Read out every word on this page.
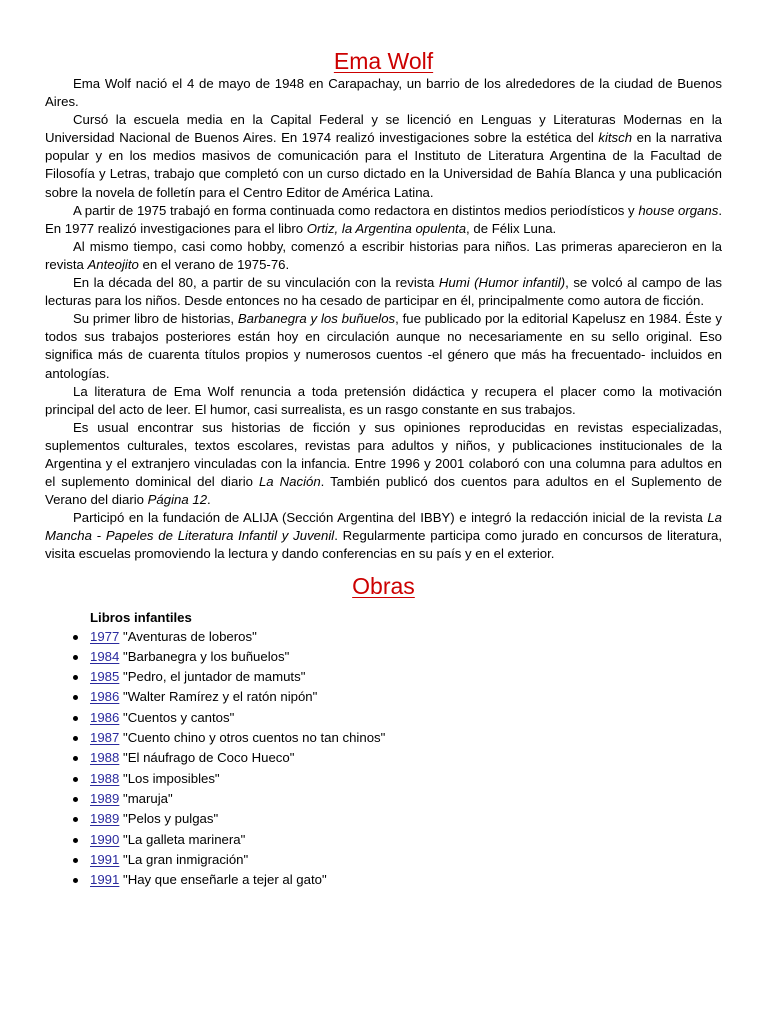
Ema Wolf

Ema Wolf nació el 4 de mayo de 1948 en Carapachay, un barrio de los alrededores de la ciudad de Buenos Aires.

Cursó la escuela media en la Capital Federal y se licenció en Lenguas y Literaturas Modernas en la Universidad Nacional de Buenos Aires. En 1974 realizó investigaciones sobre la estética del kitsch en la narrativa popular y en los medios masivos de comunicación para el Instituto de Literatura Argentina de la Facultad de Filosofía y Letras, trabajo que completó con un curso dictado en la Universidad de Bahía Blanca y una publicación sobre la novela de folletín para el Centro Editor de América Latina.

A partir de 1975 trabajó en forma continuada como redactora en distintos medios periodísticos y house organs. En 1977 realizó investigaciones para el libro Ortiz, la Argentina opulenta, de Félix Luna.

Al mismo tiempo, casi como hobby, comenzó a escribir historias para niños. Las primeras aparecieron en la revista Anteojito en el verano de 1975-76.

En la década del 80, a partir de su vinculación con la revista Humi (Humor infantil), se volcó al campo de las lecturas para los niños. Desde entonces no ha cesado de participar en él, principalmente como autora de ficción.

Su primer libro de historias, Barbanegra y los buñuelos, fue publicado por la editorial Kapelusz en 1984. Éste y todos sus trabajos posteriores están hoy en circulación aunque no necesariamente en su sello original. Eso significa más de cuarenta títulos propios y numerosos cuentos -el género que más ha frecuentado- incluidos en antologías.

La literatura de Ema Wolf renuncia a toda pretensión didáctica y recupera el placer como la motivación principal del acto de leer. El humor, casi surrealista, es un rasgo constante en sus trabajos.

Es usual encontrar sus historias de ficción y sus opiniones reproducidas en revistas especializadas, suplementos culturales, textos escolares, revistas para adultos y niños, y publicaciones institucionales de la Argentina y el extranjero vinculadas con la infancia. Entre 1996 y 2001 colaboró con una columna para adultos en el suplemento dominical del diario La Nación. También publicó dos cuentos para adultos en el Suplemento de Verano del diario Página 12.

Participó en la fundación de ALIJA (Sección Argentina del IBBY) e integró la redacción inicial de la revista La Mancha - Papeles de Literatura Infantil y Juvenil. Regularmente participa como jurado en concursos de literatura, visita escuelas promoviendo la lectura y dando conferencias en su país y en el exterior.

Obras
Libros infantiles
1977 "Aventuras de loberos"
1984 "Barbanegra y los buñuelos"
1985 "Pedro, el juntador de mamuts"
1986 "Walter Ramírez y el ratón nipón"
1986 "Cuentos y cantos"
1987 "Cuento chino y otros cuentos no tan chinos"
1988 "El náufrago de Coco Hueco"
1988 "Los imposibles"
1989 "maruja"
1989 "Pelos y pulgas"
1990 "La galleta marinera"
1991 "La gran inmigración"
1991 "Hay que enseñarle a tejer al gato"
